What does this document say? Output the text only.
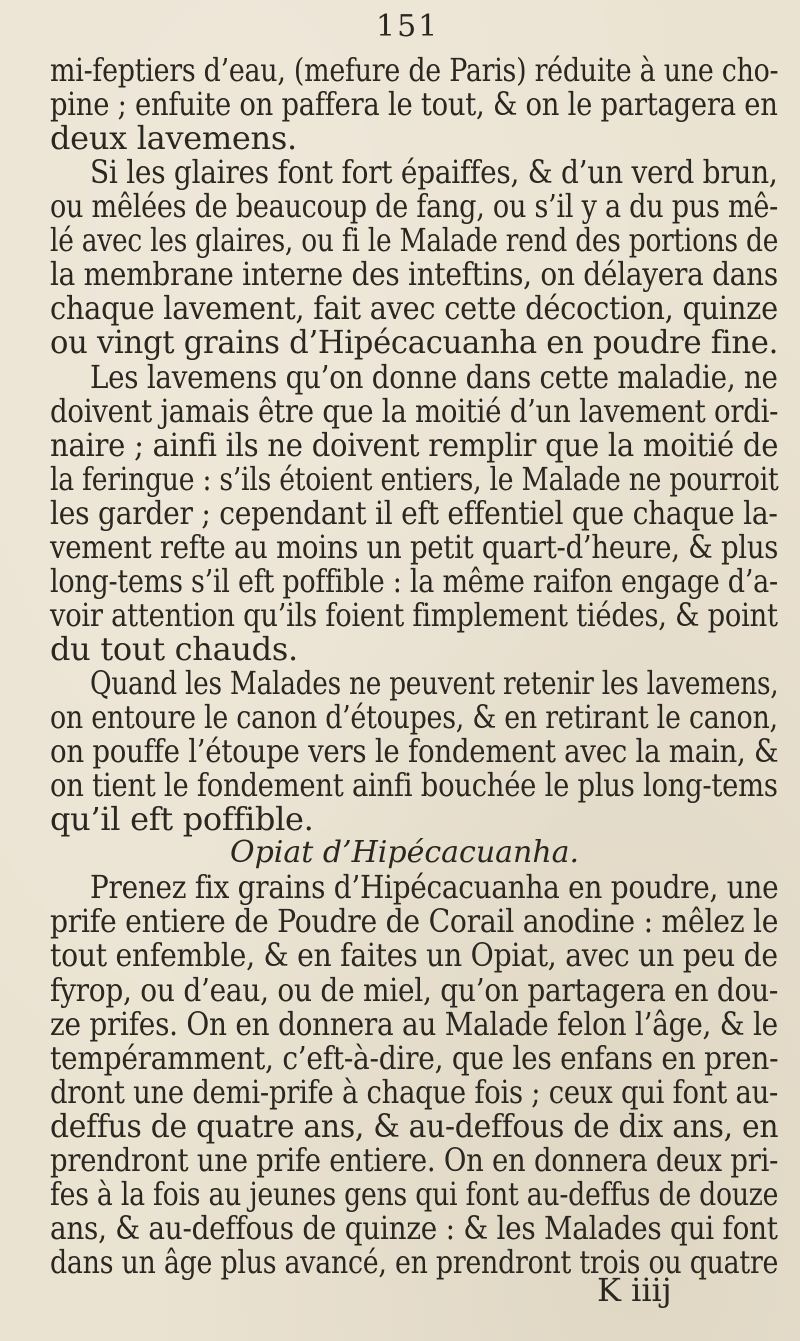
151
mi-feptiers d’eau, (mefure de Paris) réduite à une cho-
pine ; enfuite on paffera le tout, & on le partagera en
deux lavemens.
Si les glaires font fort épaiffes, & d’un verd brun,
ou mêlées de beaucoup de fang, ou s’il y a du pus mê-
lé avec les glaires, ou fi le Malade rend des portions de
la membrane interne des inteftins, on délayera dans
chaque lavement, fait avec cette décoction, quinze
ou vingt grains d’Hipécacuanha en poudre fine.
Les lavemens qu’on donne dans cette maladie, ne
doivent jamais être que la moitié d’un lavement ordi-
naire ; ainfi ils ne doivent remplir que la moitié de
la feringue : s’ils étoient entiers, le Malade ne pourroit
les garder ; cependant il eft effentiel que chaque la-
vement refte au moins un petit quart-d’heure, & plus
long-tems s’il eft poffible : la même raifon engage d’a-
voir attention qu’ils foient fimplement tiédes, & point
du tout chauds.
Quand les Malades ne peuvent retenir les lavemens,
on entoure le canon d’étoupes, & en retirant le canon,
on pouffe l’étoupe vers le fondement avec la main, &
on tient le fondement ainfi bouchée le plus long-tems
qu’il eft poffible.
Opiat d’Hipécacuanha.
Prenez fix grains d’Hipécacuanha en poudre, une
prife entiere de Poudre de Corail anodine : mêlez le
tout enfemble, & en faites un Opiat, avec un peu de
fyrop, ou d’eau, ou de miel, qu’on partagera en dou-
ze prifes. On en donnera au Malade felon l’âge, & le
tempéramment, c’eft-à-dire, que les enfans en pren-
dront une demi-prife à chaque fois ; ceux qui font au-
deffus de quatre ans, & au-deffous de dix ans, en
prendront une prife entiere. On en donnera deux pri-
fes à la fois au jeunes gens qui font au-deffus de douze
ans, & au-deffous de quinze : & les Malades qui font
dans un âge plus avancé, en prendront trois ou quatre
K iiij
